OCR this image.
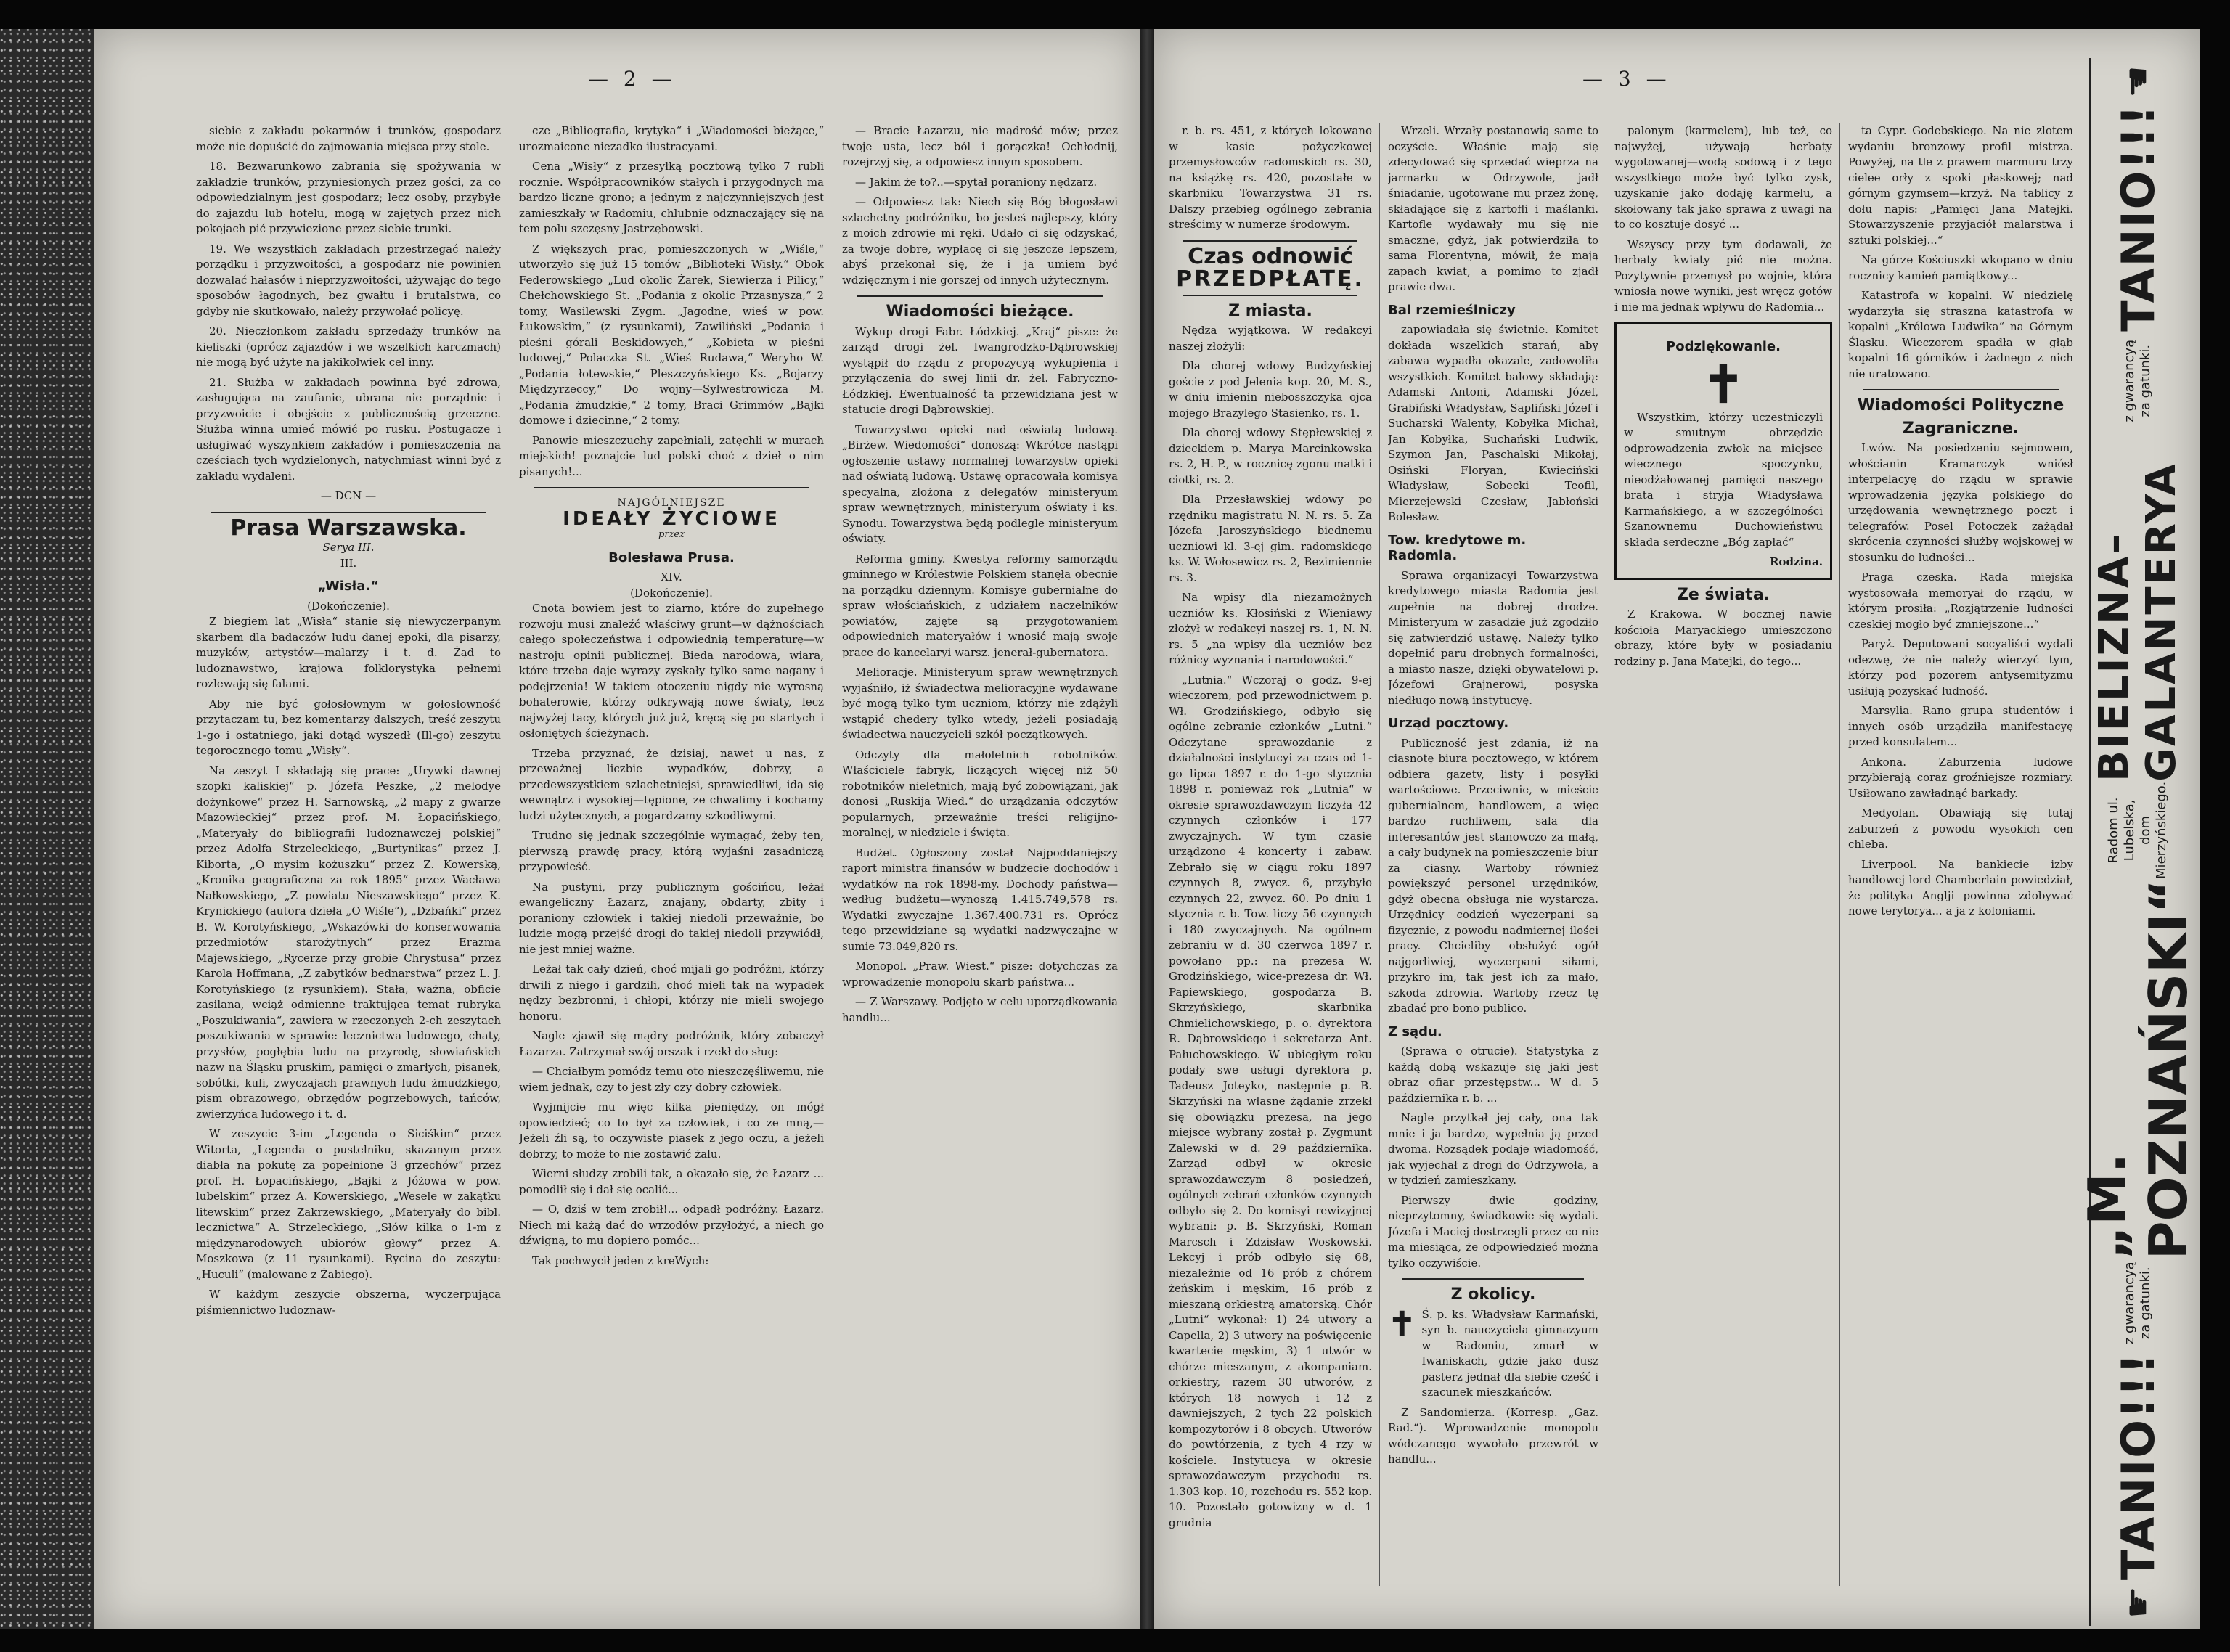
— 2 —

siebie z zakładu pokarmów i trunków, gospodarz może nie dopuścić do zajmowania miejsca przy stole.

18. Bezwarunkowo zabrania się spożywania w zakładzie trunków, przyniesionych przez gości, za co odpowiedzialnym jest gospodarz; lecz osoby, przybyłe do zajazdu lub hotelu, mogą w zajętych przez nich pokojach pić przywiezione przez siebie trunki.

19. We wszystkich zakładach przestrzegać należy porządku i przyzwoitości, a gospodarz nie powinien dozwalać hałasów i nieprzyzwoitości, używając do tego sposobów łagodnych, bez gwałtu i brutalstwa, co gdyby nie skutkowało, należy przywołać policyę.

20. Nieczłonkom zakładu sprzedaży trunków na kieliszki (oprócz zajazdów i we wszelkich karczmach) nie mogą być użyte na jakikolwiek cel inny.

21. Służba w zakładach powinna być zdrowa, zasługująca na zaufanie, ubrana nie porządnie i przyzwoicie i obejście z publicznością grzeczne. Służba winna umieć mówić po rusku. Postugacze i usługiwać wyszynkiem zakładów i pomieszczenia na cześciach tych wydzielonych, natychmiast winni być z zakładu wydaleni.

— DCN —

Prasa Warszawska.
Serya III.
III.
„Wisła.“
(Dokończenie).

Z biegiem lat „Wisła“ stanie się niewyczerpanym skarbem dla badaczów ludu danej epoki, dla pisarzy, muzyków, artystów—malarzy i t. d. Żąd to ludoznawstwo, krajowa folklorystyka pełnemi rozlewają się falami.

Aby nie być gołosłownym w gołosłowność przytaczam tu, bez komentarzy dalszych, treść zeszytu 1-go i ostatniego, jaki dotąd wyszedł (Ill-go) zeszytu tegorocznego tomu „Wisły“.

Na zeszyt I składają się prace: „Urywki dawnej szopki kaliskiej“ p. Józefa Peszke, „2 melodye dożynkowe“ przez H. Sarnowską, „2 mapy z gwarze Mazowieckiej“ przez prof. M. Łopacińskiego, „Materyały do bibliografii ludoznawczej polskiej“ przez Adolfa Strzeleckiego, „Burtynikas“ przez J. Kiborta, „O mysim kożuszku“ przez Z. Kowerską, „Kronika geograficzna za rok 1895“ przez Wacława Nałkowskiego, „Z powiatu Nieszawskiego“ przez K. Krynickiego (autora dzieła „O Wiśle“), „Dzbańki“ przez B. W. Korotyńskiego, „Wskazówki do konserwowania przedmiotów starożytnych“ przez Erazma Majewskiego, „Rycerze przy grobie Chrystusa“ przez Karola Hoffmana, „Z zabytków bednarstwa“ przez L. J. Korotyńskiego (z rysunkiem). Stała, ważna, obficie zasilana, wciąż odmienne traktująca temat rubryka „Poszukiwania“, zawiera w rzeczonych 2-ch zeszytach poszukiwania w sprawie: lecznictwa ludowego, chaty, przysłów, pogłębia ludu na przyrodę, słowiańskich nazw na Śląsku pruskim, pamięci o zmarłych, pisanek, sobótki, kuli, zwyczajach prawnych ludu żmudzkiego, pism obrazowego, obrzędów pogrzebowych, tańców, zwierzyńca ludowego i t. d.

W zeszycie 3-im „Legenda o Siciśkim“ przez Witorta, „Legenda o pustelniku, skazanym przez diabła na pokutę za popełnione 3 grzechów“ przez prof. H. Łopacińskiego, „Bajki z Jóżowa w pow. lubelskim“ przez A. Kowerskiego, „Wesele w zakątku litewskim“ przez Zakrzewskiego, „Materyały do bibl. lecznictwa“ A. Strzeleckiego, „Słów kilka o 1-m z międzynarodowych ubiorów głowy“ przez A. Moszkowa (z 11 rysunkami). Rycina do zeszytu: „Huculi“ (malowane z Żabiego).

W każdym zeszycie obszerna, wyczerpująca piśmiennictwo ludoznaw-

cze „Bibliografia, krytyka“ i „Wiadomości bieżące,“ urozmaicone niezadko ilustracyami.

Cena „Wisły“ z przesyłką pocztową tylko 7 rubli rocznie. Współpracowników stałych i przygodnych ma bardzo liczne grono; a jednym z najczynniejszych jest zamieszkały w Radomiu, chlubnie odznaczający się na tem polu szczęsny Jastrzębowski.

Z większych prac, pomieszczonych w „Wiśle,“ utworzyło się już 15 tomów „Biblioteki Wisły.“ Obok Federowskiego „Lud okolic Żarek, Siewierza i Pilicy,“ Chełchowskiego St. „Podania z okolic Przasnysza,“ 2 tomy, Wasilewski Zygm. „Jagodne, wieś w pow. Łukowskim,“ (z rysunkami), Zawiliński „Podania i pieśni górali Beskidowych,“ „Kobieta w pieśni ludowej,“ Polaczka St. „Wieś Rudawa,“ Weryho W. „Podania łotewskie,“ Pleszczyńskiego Ks. „Bojarzy Międzyrzeccy,“ Do wojny—Sylwestrowicza M. „Podania żmudzkie,“ 2 tomy, Braci Grimmów „Bajki domowe i dziecinne,“ 2 tomy.

Panowie mieszczuchy zapełniali, zatęchli w murach miejskich! poznajcie lud polski choć z dzieł o nim pisanych!...

NAJGÓLNIEJSZE
IDEAŁY ŻYCIOWE
przez
Bolesława Prusa.
XIV.
(Dokończenie).

Cnota bowiem jest to ziarno, które do zupełnego rozwoju musi znaleźć właściwy grunt—w dążnościach całego społeczeństwa i odpowiednią temperaturę—w nastroju opinii publicznej. Bieda narodowa, wiara, które trzeba daje wyrazy zyskały tylko same nagany i podejrzenia! W takiem otoczeniu nigdy nie wyrosną bohaterowie, którzy odkrywają nowe światy, lecz najwyżej tacy, których już już, kręcą się po startych i osłoniętych ścieżynach.

Trzeba przyznać, że dzisiaj, nawet u nas, z przeważnej liczbie wypadków, dobrzy, a przedewszystkiem szlachetniejsi, sprawiedliwi, idą się wewnątrz i wysokiej—tępione, ze chwalimy i kochamy ludzi użytecznych, a pogardzamy szkodliwymi.

Trudno się jednak szczególnie wymagać, żeby ten, pierwszą prawdę pracy, którą wyjaśni zasadniczą przypowieść.

Na pustyni, przy publicznym gościńcu, leżał ewangeliczny Łazarz, znajany, obdarty, zbity i poraniony człowiek i takiej niedoli przeważnie, bo ludzie mogą przejść drogi do takiej niedoli przywiódł, nie jest mniej ważne.

Leżał tak cały dzień, choć mijali go podróżni, którzy drwili z niego i gardzili, choć mieli tak na wypadek nędzy bezbronni, i chłopi, którzy nie mieli swojego honoru.

Nagle zjawił się mądry podróżnik, który zobaczył Łazarza. Zatrzymał swój orszak i rzekł do sług:

— Chciałbym pomódz temu oto nieszczęśliwemu, nie wiem jednak, czy to jest zły czy dobry człowiek.

Wyjmijcie mu więc kilka pieniędzy, on mógł opowiedzieć; co to był za człowiek, i co ze mną,— Jeżeli źli są, to oczywiste piasek z jego oczu, a jeżeli dobrzy, to może to nie zostawić żalu.

Wierni słudzy zrobili tak, a okazało się, że Łazarz ... pomodlił się i dał się ocalić...

— O, dziś w tem zrobił!... odpadł podróżny. Łazarz. Niech mi każą dać do wrzodów przyłożyć, a niech go dźwigną, to mu dopiero pomóc...

Tak pochwycił jeden z kreWych:

— Bracie Łazarzu, nie mądrość mów; przez twoje usta, lecz ból i gorączka! Ochłodnij, rozejrzyj się, a odpowiesz innym sposobem.

— Jakim że to?..—spytał poraniony nędzarz.

— Odpowiesz tak: Niech się Bóg błogosławi szlachetny podróżniku, bo jesteś najlepszy, który z moich zdrowie mi ręki. Udało ci się odzyskać, za twoje dobre, wypłacę ci się jeszcze lepszem, abyś przekonał się, że i ja umiem być wdzięcznym i nie gorszej od innych użytecznym.

Wiadomości bieżące.

Wykup drogi Fabr. Łódzkiej. „Kraj“ pisze: że zarząd drogi żel. Iwangrodzko-Dąbrowskiej wystąpił do rządu z propozycyą wykupienia i przyłączenia do swej linii dr. żel. Fabryczno-Łódzkiej. Ewentualność ta przewidziana jest w statucie drogi Dąbrowskiej.

Towarzystwo opieki nad oświatą ludową. „Birżew. Wiedomości“ donoszą: Wkrótce nastąpi ogłoszenie ustawy normalnej towarzystw opieki nad oświatą ludową. Ustawę opracowała komisya specyalna, złożona z delegatów ministeryum spraw wewnętrznych, ministeryum oświaty i ks. Synodu. Towarzystwa będą podlegle ministeryum oświaty.

Reforma gminy. Kwestya reformy samorządu gminnego w Królestwie Polskiem stanęła obecnie na porządku dziennym. Komisye gubernialne do spraw włościańskich, z udziałem naczelników powiatów, zajęte są przygotowaniem odpowiednich materyałów i wnosić mają swoje prace do kancelaryi warsz. jenerał-gubernatora.

Melioracje. Ministeryum spraw wewnętrznych wyjaśniło, iż świadectwa melioracyjne wydawane być mogą tylko tym uczniom, którzy nie zdążyli wstąpić chedery tylko wtedy, jeżeli posiadają świadectwa nauczycieli szkół początkowych.

Odczyty dla małoletnich robotników. Właściciele fabryk, liczących więcej niż 50 robotników nieletnich, mają być zobowiązani, jak donosi „Ruskija Wied.“ do urządzania odczytów popularnych, przeważnie treści religijno-moralnej, w niedziele i święta.

Budżet. Ogłoszony został Najpoddaniejszy raport ministra finansów w budżecie dochodów i wydatków na rok 1898-my. Dochody państwa—według budżetu—wynoszą 1.415.749,578 rs. Wydatki zwyczajne 1.367.400.731 rs. Oprócz tego przewidziane są wydatki nadzwyczajne w sumie 73.049,820 rs.

Monopol. „Praw. Wiest.“ pisze: dotychczas za wprowadzenie monopolu skarb państwa...

— Z Warszawy. Podjęto w celu uporządkowania handlu...

— 3 —

r. b. rs. 451, z których lokowano w kasie pożyczkowej przemysłowców radomskich rs. 30, na książkę rs. 420, pozostałe w skarbniku Towarzystwa 31 rs. Dalszy przebieg ogólnego zebrania streścimy w numerze środowym.

Czas odnowić
PRZEDPŁATĘ.
Z miasta.

Nędza wyjątkowa. W redakcyi naszej złożyli:

Dla chorej wdowy Budzyńskiej goście z pod Jelenia kop. 20, M. S., w dniu imienin niebosszczyka ojca mojego Brazylego Stasienko, rs. 1.

Dla chorej wdowy Stępłewskiej z dzieckiem p. Marya Marcinkowska rs. 2, H. P., w rocznicę zgonu matki i ciotki, rs. 2.

Dla Przesławskiej wdowy po rzędniku magistratu N. N. rs. 5. Za Józefa Jaroszyńskiego biednemu uczniowi kl. 3-ej gim. radomskiego ks. W. Wołosewicz rs. 2, Bezimiennie rs. 3.

Na wpisy dla niezamożnych uczniów ks. Kłosiński z Wieniawy złożył w redakcyi naszej rs. 1, N. N. rs. 5 „na wpisy dla uczniów bez różnicy wyznania i narodowości.“

„Lutnia.“ Wczoraj o godz. 9-ej wieczorem, pod przewodnictwem p. Wł. Grodzińskiego, odbyło się ogólne zebranie członków „Lutni.“ Odczytane sprawozdanie z działalności instytucyi za czas od 1-go lipca 1897 r. do 1-go stycznia 1898 r. ponieważ rok „Lutnia“ w okresie sprawozdawczym liczyła 42 czynnych członków i 177 zwyczajnych. W tym czasie urządzono 4 koncerty i zabaw. Zebrało się w ciągu roku 1897 czynnych 8, zwycz. 6, przybyło czynnych 22, zwycz. 60. Po dniu 1 stycznia r. b. Tow. liczy 56 czynnych i 180 zwyczajnych. Na ogólnem zebraniu w d. 30 czerwca 1897 r. powołano pp.: na prezesa W. Grodzińskiego, wice-prezesa dr. Wł. Papiewskiego, gospodarza B. Skrzyńskiego, skarbnika Chmielichowskiego, p. o. dyrektora R. Dąbrowskiego i sekretarza Ant. Pałuchowskiego. W ubiegłym roku podały swe usługi dyrektora p. Tadeusz Joteyko, następnie p. B. Skrzyński na własne żądanie zrzekł się obowiązku prezesa, na jego miejsce wybrany został p. Zygmunt Zalewski w d. 29 października. Zarząd odbył w okresie sprawozdawczym 8 posiedzeń, ogólnych zebrań członków czynnych odbyło się 2. Do komisyi rewizyjnej wybrani: p. B. Skrzyński, Roman Marcsch i Zdzisław Woskowski. Lekcyj i prób odbyło się 68, niezależnie od 16 prób z chórem żeńskim i męskim, 16 prób z mieszaną orkiestrą amatorską. Chór „Lutni“ wykonał: 1) 24 utwory a Capella, 2) 3 utwory na poświęcenie kwartecie męskim, 3) 1 utwór w chórze mieszanym, z akompaniam. orkiestry, razem 30 utworów, z których 18 nowych i 12 z dawniejszych, 2 tych 22 polskich kompozytorów i 8 obcych. Utworów do powtórzenia, z tych 4 rzy w kościele. Instytucya w okresie sprawozdawczym przychodu rs. 1.303 kop. 10, rozchodu rs. 552 kop. 10. Pozostało gotowizny w d. 1 grudnia

Wrzeli. Wrzały postanowią same to oczyście. Właśnie mają się zdecydować się sprzedać wieprza na jarmarku w Odrzywole, jadł śniadanie, ugotowane mu przez żonę, składające się z kartofli i maślanki. Kartofle wydawały mu się nie smaczne, gdyż, jak potwierdziła to sama Florentyna, mówił, że mają zapach kwiat, a pomimo to zjadł prawie dwa.

Bal rzemieślniczy

zapowiadała się świetnie. Komitet dokłada wszelkich starań, aby zabawa wypadła okazale, zadowoliła wszystkich. Komitet balowy składają: Adamski Antoni, Adamski Józef, Grabiński Władysław, Sapliński Józef i Sucharski Walenty, Kobyłka Michał, Jan Kobyłka, Suchański Ludwik, Szymon Jan, Paschalski Mikołaj, Osiński Floryan, Kwieciński Władysław, Sobecki Teofil, Mierzejewski Czesław, Jabłoński Bolesław.

Tow. kredytowe m. Radomia.

Sprawa organizacyi Towarzystwa kredytowego miasta Radomia jest zupełnie na dobrej drodze. Ministeryum w zasadzie już zgodziło się zatwierdzić ustawę. Należy tylko dopełnić paru drobnych formalności, a miasto nasze, dzięki obywatelowi p. Józefowi Grajnerowi, posyska niedługo nową instytucyę.

Urząd pocztowy.

Publiczność jest zdania, iż na ciasnotę biura pocztowego, w którem odbiera gazety, listy i posyłki wartościowe. Przeciwnie, w mieście gubernialnem, handlowem, a więc bardzo ruchliwem, sala dla interesantów jest stanowczo za małą, a cały budynek na pomieszczenie biur za ciasny. Wartoby również powiększyć personel urzędników, gdyż obecna obsługa nie wystarcza. Urzędnicy codzień wyczerpani są fizycznie, z powodu nadmiernej ilości pracy. Chcieliby obsłużyć ogół najgorliwiej, wyczerpani siłami, przykro im, tak jest ich za mało, szkoda zdrowia. Wartoby rzecz tę zbadać pro bono publico.

Z sądu.

(Sprawa o otrucie). Statystyka z każdą dobą wskazuje się jaki jest obraz ofiar przestępstw... W d. 5 października r. b. ...

Nagle przytkał jej cały, ona tak mnie i ja bardzo, wypełnia ją przed dwoma. Rozsądek podaje wiadomość, jak wyjechał z drogi do Odrzywoła, a w tydzień zamieszkany.

Pierwszy dwie godziny, nieprzytomny, świadkowie się wydali. Józefa i Maciej dostrzegli przez co nie ma miesiąca, że odpowiedzieć można tylko oczywiście.

Z okolicy.
✝ Ś. p. ks. Władysław Karmański, syn b. nauczyciela gimnazyum w Radomiu, zmarł w Iwaniskach, gdzie jako dusz pasterz jednał dla siebie cześć i szacunek mieszkańców.

Z Sandomierza. (Korresp. „Gaz. Rad.“). Wprowadzenie monopolu wódczanego wywołało przewrót w handlu...

palonym (karmelem), lub też, co najwyżej, używają herbaty wygotowanej—wodą sodową i z tego wszystkiego może być tylko zysk, uzyskanie jako dodaję karmelu, a skołowany tak jako sprawa z uwagi na to co kosztuje dosyć ...

Wszyscy przy tym dodawali, że herbaty kwiaty pić nie można. Pozytywnie przemysł po wojnie, która wniosła nowe wyniki, jest wręcz gotów i nie ma jednak wpływu do Radomia...

Podziękowanie.
✝

Wszystkim, którzy uczestniczyli w smutnym obrzędzie odprowadzenia zwłok na miejsce wiecznego spoczynku, nieodżałowanej pamięci naszego brata i stryja Władysława Karmańskiego, a w szczególności Szanownemu Duchowieństwu składa serdeczne „Bóg zapłać“

Rodzina.
Ze świata.

Z Krakowa. W bocznej nawie kościoła Maryackiego umieszczono obrazy, które były w posiadaniu rodziny p. Jana Matejki, do tego...

ta Cypr. Godebskiego. Na nie zlotem wydaniu bronzowy profil mistrza. Powyżej, na tle z prawem marmuru trzy cielee orły z spoki płaskowej; nad górnym gzymsem—krzyż. Na tablicy z dołu napis: „Pamięci Jana Matejki. Stowarzyszenie przyjaciół malarstwa i sztuki polskiej...“

Na górze Kościuszki wkopano w dniu rocznicy kamień pamiątkowy...

Katastrofa w kopalni. W niedzielę wydarzyła się straszna katastrofa w kopalni „Królowa Ludwika“ na Górnym Śląsku. Wieczorem spadła w głąb kopalni 16 górników i żadnego z nich nie uratowano.

Wiadomości Polityczne
Zagraniczne.

Lwów. Na posiedzeniu sejmowem, włościanin Kramarczyk wniósł interpelacyę do rządu w sprawie wprowadzenia języka polskiego do urzędowania wewnętrznego poczt i telegrafów. Posel Potoczek zażądał skrócenia czynności służby wojskowej w stosunku do ludności...

Praga czeska. Rada miejska wystosowała memoryał do rządu, w którym prosiła: „Rozjątrzenie ludności czeskiej mogło być zmniejszone...“

Paryż. Deputowani socyaliści wydali odezwę, że nie należy wierzyć tym, którzy pod pozorem antysemityzmu usiłują pozyskać ludność.

Marsylia. Rano grupa studentów i innych osób urządziła manifestacyę przed konsulatem...

Ankona. Zaburzenia ludowe przybierają coraz groźniejsze rozmiary. Usiłowano zawładnąć barkady.

Medyolan. Obawiają się tutaj zaburzeń z powodu wysokich cen chleba.

Liverpool. Na bankiecie izby handlowej lord Chamberlain powiedział, że polityka Anglji powinna zdobywać nowe terytorya... a ja z koloniami.

☛
TANIO!!!
z gwarancyą za gatunki.
„M. POZNAŃSKI“
Radom ul. Lubelska, dom Mierzyńskiego.
BIELIZNA–GALANTERYA
z gwarancyą za gatunki.
TANIO!!!
☛
